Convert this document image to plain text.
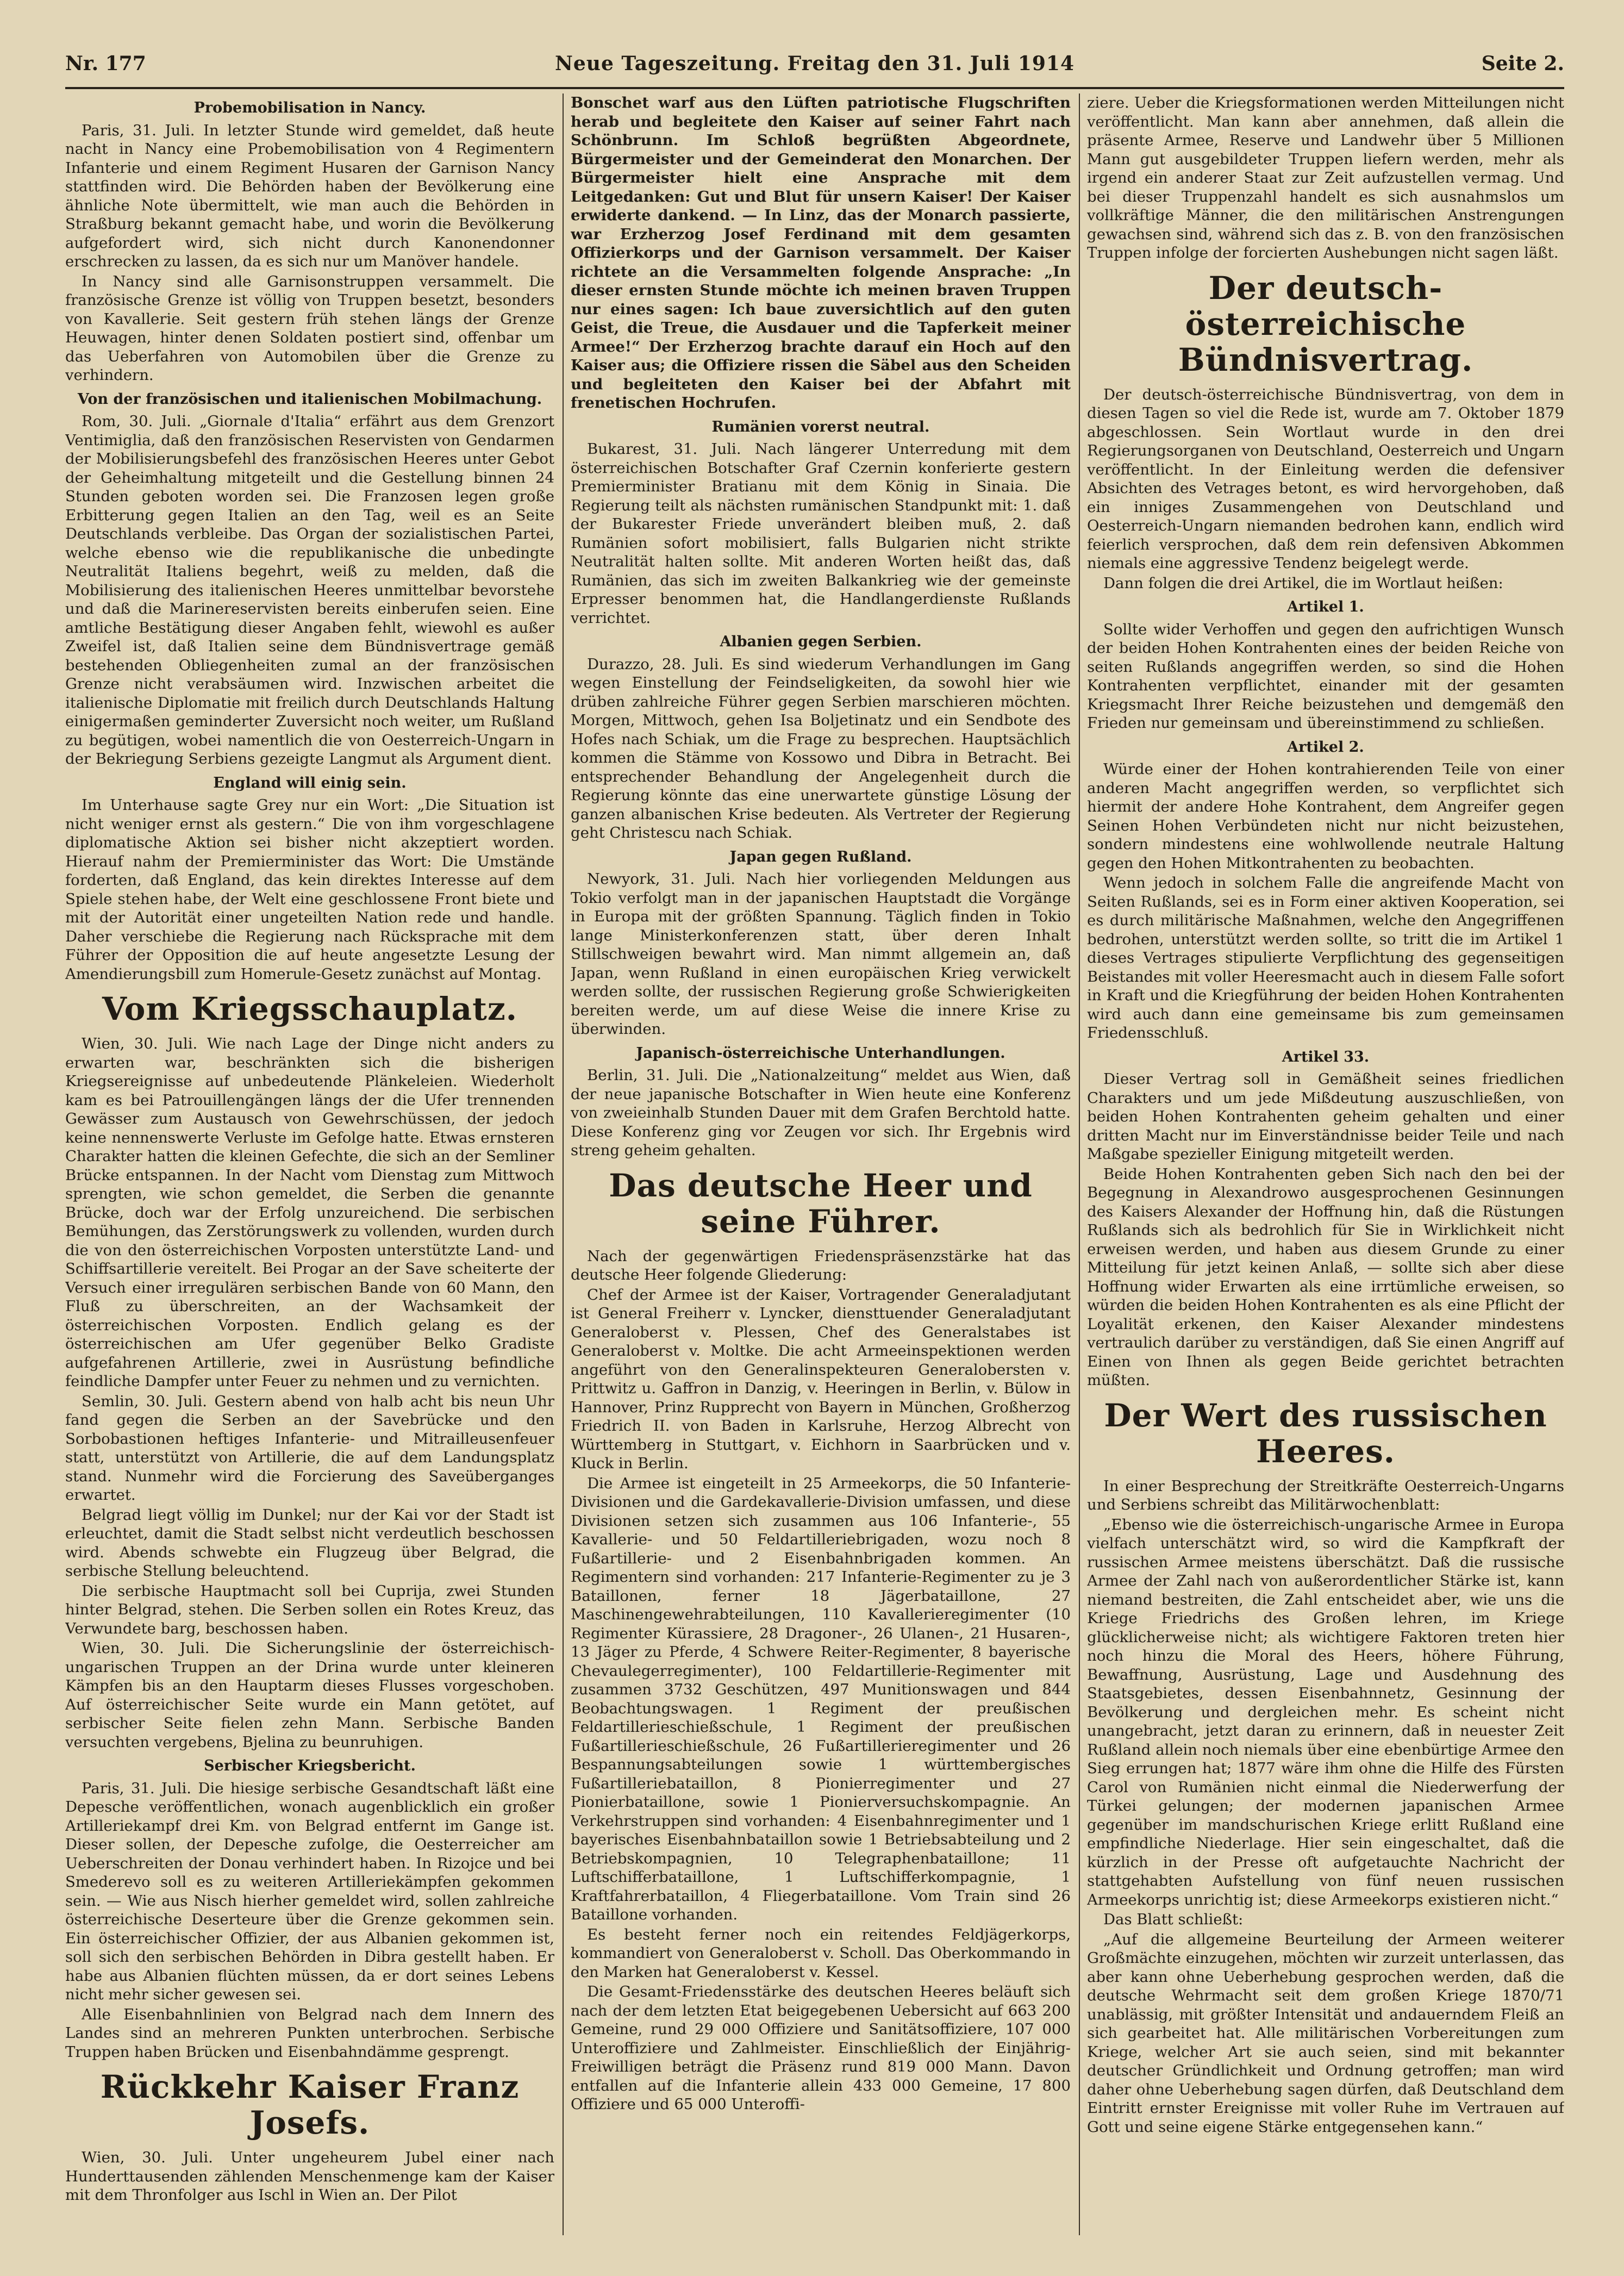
Nr. 177	Neue Tageszeitung. Freitag den 31. Juli 1914	Seite 2.
Probemobilisation in Nancy.

Paris, 31. Juli. In letzter Stunde wird gemeldet, daß heute nacht in Nancy eine Probemobilisation von 4 Regimentern Infanterie und einem Regiment Husaren der Garnison Nancy stattfinden wird. Die Behörden haben der Bevölkerung eine ähnliche Note übermittelt, wie man auch die Behörden in Straßburg bekannt gemacht habe, und worin die Bevölkerung aufgefordert wird, sich nicht durch Kanonendonner erschrecken zu lassen, da es sich nur um Manöver handele.

In Nancy sind alle Garnisonstruppen versammelt. Die französische Grenze ist völlig von Truppen besetzt, besonders von Kavallerie. Seit gestern früh stehen längs der Grenze Heuwagen, hinter denen Soldaten postiert sind, offenbar um das Ueberfahren von Automobilen über die Grenze zu verhindern.

Von der französischen und italienischen Mobilmachung.

Rom, 30. Juli. „Giornale d'Italia“ erfährt aus dem Grenzort Ventimiglia, daß den französischen Reservisten von Gendarmen der Mobilisierungsbefehl des französischen Heeres unter Gebot der Geheimhaltung mitgeteilt und die Gestellung binnen 24 Stunden geboten worden sei. Die Franzosen legen große Erbitterung gegen Italien an den Tag, weil es an Seite Deutschlands verbleibe. Das Organ der sozialistischen Partei, welche ebenso wie die republikanische die unbedingte Neutralität Italiens begehrt, weiß zu melden, daß die Mobilisierung des italienischen Heeres unmittelbar bevorstehe und daß die Marinereservisten bereits einberufen seien. Eine amtliche Bestätigung dieser Angaben fehlt, wiewohl es außer Zweifel ist, daß Italien seine dem Bündnisvertrage gemäß bestehenden Obliegenheiten zumal an der französischen Grenze nicht verabsäumen wird. Inzwischen arbeitet die italienische Diplomatie mit freilich durch Deutschlands Haltung einigermaßen geminderter Zuversicht noch weiter, um Rußland zu begütigen, wobei namentlich die von Oesterreich-Ungarn in der Bekriegung Serbiens gezeigte Langmut als Argument dient.

England will einig sein.

Im Unterhause sagte Grey nur ein Wort: „Die Situation ist nicht weniger ernst als gestern.“ Die von ihm vorgeschlagene diplomatische Aktion sei bisher nicht akzeptiert worden. Hierauf nahm der Premierminister das Wort: Die Umstände forderten, daß England, das kein direktes Interesse auf dem Spiele stehen habe, der Welt eine geschlossene Front biete und mit der Autorität einer ungeteilten Nation rede und handle. Daher verschiebe die Regierung nach Rücksprache mit dem Führer der Opposition die auf heute angesetzte Lesung der Amendierungsbill zum Homerule-Gesetz zunächst auf Montag.

Vom Kriegsschauplatz.

Wien, 30. Juli. Wie nach Lage der Dinge nicht anders zu erwarten war, beschränkten sich die bisherigen Kriegsereignisse auf unbedeutende Plänkeleien. Wiederholt kam es bei Patrouillengängen längs der die Ufer trennenden Gewässer zum Austausch von Gewehrschüssen, der jedoch keine nennenswerte Verluste im Gefolge hatte. Etwas ernsteren Charakter hatten die kleinen Gefechte, die sich an der Semliner Brücke entspannen. In der Nacht vom Dienstag zum Mittwoch sprengten, wie schon gemeldet, die Serben die genannte Brücke, doch war der Erfolg unzureichend. Die serbischen Bemühungen, das Zerstörungswerk zu vollenden, wurden durch die von den österreichischen Vorposten unterstützte Land- und Schiffsartillerie vereitelt. Bei Progar an der Save scheiterte der Versuch einer irregulären serbischen Bande von 60 Mann, den Fluß zu überschreiten, an der Wachsamkeit der österreichischen Vorposten. Endlich gelang es der österreichischen am Ufer gegenüber Belko Gradiste aufgefahrenen Artillerie, zwei in Ausrüstung befindliche feindliche Dampfer unter Feuer zu nehmen und zu vernichten.

Semlin, 30. Juli. Gestern abend von halb acht bis neun Uhr fand gegen die Serben an der Savebrücke und den Sorbobastionen heftiges Infanterie- und Mitrailleusenfeuer statt, unterstützt von Artillerie, die auf dem Landungsplatz stand. Nunmehr wird die Forcierung des Saveüberganges erwartet.

Belgrad liegt völlig im Dunkel; nur der Kai vor der Stadt ist erleuchtet, damit die Stadt selbst nicht verdeutlich beschossen wird. Abends schwebte ein Flugzeug über Belgrad, die serbische Stellung beleuchtend.

Die serbische Hauptmacht soll bei Cuprija, zwei Stunden hinter Belgrad, stehen. Die Serben sollen ein Rotes Kreuz, das Verwundete barg, beschossen haben.

Wien, 30. Juli. Die Sicherungslinie der österreichisch-ungarischen Truppen an der Drina wurde unter kleineren Kämpfen bis an den Hauptarm dieses Flusses vorgeschoben. Auf österreichischer Seite wurde ein Mann getötet, auf serbischer Seite fielen zehn Mann. Serbische Banden versuchten vergebens, Bjelina zu beunruhigen.

Serbischer Kriegsbericht.

Paris, 31. Juli. Die hiesige serbische Gesandtschaft läßt eine Depesche veröffentlichen, wonach augenblicklich ein großer Artilleriekampf drei Km. von Belgrad entfernt im Gange ist. Dieser sollen, der Depesche zufolge, die Oesterreicher am Ueberschreiten der Donau verhindert haben. In Rizojce und bei Smederevo soll es zu weiteren Artilleriekämpfen gekommen sein. — Wie aus Nisch hierher gemeldet wird, sollen zahlreiche österreichische Deserteure über die Grenze gekommen sein. Ein österreichischer Offizier, der aus Albanien gekommen ist, soll sich den serbischen Behörden in Dibra gestellt haben. Er habe aus Albanien flüchten müssen, da er dort seines Lebens nicht mehr sicher gewesen sei.

Alle Eisenbahnlinien von Belgrad nach dem Innern des Landes sind an mehreren Punkten unterbrochen. Serbische Truppen haben Brücken und Eisenbahndämme gesprengt.

Rückkehr Kaiser Franz Josefs.

Wien, 30. Juli. Unter ungeheurem Jubel einer nach Hunderttausenden zählenden Menschenmenge kam der Kaiser mit dem Thronfolger aus Ischl in Wien an. Der Pilot

Bonschet warf aus den Lüften patriotische Flugschriften herab und begleitete den Kaiser auf seiner Fahrt nach Schönbrunn. Im Schloß begrüßten Abgeordnete, Bürgermeister und der Gemeinderat den Monarchen. Der Bürgermeister hielt eine Ansprache mit dem Leitgedanken: Gut und Blut für unsern Kaiser! Der Kaiser erwiderte dankend. — In Linz, das der Monarch passierte, war Erzherzog Josef Ferdinand mit dem gesamten Offizierkorps und der Garnison versammelt. Der Kaiser richtete an die Versammelten folgende Ansprache: „In dieser ernsten Stunde möchte ich meinen braven Truppen nur eines sagen: Ich baue zuversichtlich auf den guten Geist, die Treue, die Ausdauer und die Tapferkeit meiner Armee!“ Der Erzherzog brachte darauf ein Hoch auf den Kaiser aus; die Offiziere rissen die Säbel aus den Scheiden und begleiteten den Kaiser bei der Abfahrt mit frenetischen Hochrufen.

Rumänien vorerst neutral.

Bukarest, 31. Juli. Nach längerer Unterredung mit dem österreichischen Botschafter Graf Czernin konferierte gestern Premierminister Bratianu mit dem König in Sinaia. Die Regierung teilt als nächsten rumänischen Standpunkt mit: 1. daß der Bukarester Friede unverändert bleiben muß, 2. daß Rumänien sofort mobilisiert, falls Bulgarien nicht strikte Neutralität halten sollte. Mit anderen Worten heißt das, daß Rumänien, das sich im zweiten Balkankrieg wie der gemeinste Erpresser benommen hat, die Handlangerdienste Rußlands verrichtet.

Albanien gegen Serbien.

Durazzo, 28. Juli. Es sind wiederum Verhandlungen im Gang wegen Einstellung der Feindseligkeiten, da sowohl hier wie drüben zahlreiche Führer gegen Serbien marschieren möchten. Morgen, Mittwoch, gehen Isa Boljetinatz und ein Sendbote des Hofes nach Schiak, um die Frage zu besprechen. Hauptsächlich kommen die Stämme von Kossowo und Dibra in Betracht. Bei entsprechender Behandlung der Angelegenheit durch die Regierung könnte das eine unerwartete günstige Lösung der ganzen albanischen Krise bedeuten. Als Vertreter der Regierung geht Christescu nach Schiak.

Japan gegen Rußland.

Newyork, 31. Juli. Nach hier vorliegenden Meldungen aus Tokio verfolgt man in der japanischen Hauptstadt die Vorgänge in Europa mit der größten Spannung. Täglich finden in Tokio lange Ministerkonferenzen statt, über deren Inhalt Stillschweigen bewahrt wird. Man nimmt allgemein an, daß Japan, wenn Rußland in einen europäischen Krieg verwickelt werden sollte, der russischen Regierung große Schwierigkeiten bereiten werde, um auf diese Weise die innere Krise zu überwinden.

Japanisch-österreichische Unterhandlungen.

Berlin, 31. Juli. Die „Nationalzeitung“ meldet aus Wien, daß der neue japanische Botschafter in Wien heute eine Konferenz von zweieinhalb Stunden Dauer mit dem Grafen Berchtold hatte. Diese Konferenz ging vor Zeugen vor sich. Ihr Ergebnis wird streng geheim gehalten.

Das deutsche Heer und seine Führer.

Nach der gegenwärtigen Friedenspräsenzstärke hat das deutsche Heer folgende Gliederung:

Chef der Armee ist der Kaiser, Vortragender Generaladjutant ist General Freiherr v. Lyncker, diensttuender Generaladjutant Generaloberst v. Plessen, Chef des Generalstabes ist Generaloberst v. Moltke. Die acht Armeeinspektionen werden angeführt von den Generalinspekteuren Generalobersten v. Prittwitz u. Gaffron in Danzig, v. Heeringen in Berlin, v. Bülow in Hannover, Prinz Rupprecht von Bayern in München, Großherzog Friedrich II. von Baden in Karlsruhe, Herzog Albrecht von Württemberg in Stuttgart, v. Eichhorn in Saarbrücken und v. Kluck in Berlin.

Die Armee ist eingeteilt in 25 Armeekorps, die 50 Infanterie-Divisionen und die Gardekavallerie-Division umfassen, und diese Divisionen setzen sich zusammen aus 106 Infanterie-, 55 Kavallerie- und 50 Feldartilleriebrigaden, wozu noch 8 Fußartillerie- und 2 Eisenbahnbrigaden kommen. An Regimentern sind vorhanden: 217 Infanterie-Regimenter zu je 3 Bataillonen, ferner 18 Jägerbataillone, 27 Maschinengewehrabteilungen, 110 Kavallerieregimenter (10 Regimenter Kürassiere, 28 Dragoner-, 26 Ulanen-, 21 Husaren-, 13 Jäger zu Pferde, 4 Schwere Reiter-Regimenter, 8 bayerische Chevaulegerregimenter), 100 Feldartillerie-Regimenter mit zusammen 3732 Geschützen, 497 Munitionswagen und 844 Beobachtungswagen. 1 Regiment der preußischen Feldartillerieschießschule, 1 Regiment der preußischen Fußartillerieschießschule, 26 Fußartillerieregimenter und 26 Bespannungsabteilungen sowie 1 württembergisches Fußartilleriebataillon, 8 Pionierregimenter und 27 Pionierbataillone, sowie 1 Pionierversuchskompagnie. An Verkehrstruppen sind vorhanden: 4 Eisenbahnregimenter und 1 bayerisches Eisenbahnbataillon sowie 1 Betriebsabteilung und 2 Betriebskompagnien, 10 Telegraphenbataillone; 11 Luftschifferbataillone, 1 Luftschifferkompagnie, 1 Kraftfahrerbataillon, 4 Fliegerbataillone. Vom Train sind 26 Bataillone vorhanden.

Es besteht ferner noch ein reitendes Feldjägerkorps, kommandiert von Generaloberst v. Scholl. Das Oberkommando in den Marken hat Generaloberst v. Kessel.

Die Gesamt-Friedensstärke des deutschen Heeres beläuft sich nach der dem letzten Etat beigegebenen Uebersicht auf 663 200 Gemeine, rund 29 000 Offiziere und Sanitätsoffiziere, 107 000 Unteroffiziere und Zahlmeister. Einschließlich der Einjährig-Freiwilligen beträgt die Präsenz rund 819 000 Mann. Davon entfallen auf die Infanterie allein 433 000 Gemeine, 17 800 Offiziere und 65 000 Unteroffi-

ziere. Ueber die Kriegsformationen werden Mitteilungen nicht veröffentlicht. Man kann aber annehmen, daß allein die präsente Armee, Reserve und Landwehr über 5 Millionen Mann gut ausgebildeter Truppen liefern werden, mehr als irgend ein anderer Staat zur Zeit aufzustellen vermag. Und bei dieser Truppenzahl handelt es sich ausnahmslos um vollkräftige Männer, die den militärischen Anstrengungen gewachsen sind, während sich das z. B. von den französischen Truppen infolge der forcierten Aushebungen nicht sagen läßt.

Der deutsch-österreichische Bündnisvertrag.

Der deutsch-österreichische Bündnisvertrag, von dem in diesen Tagen so viel die Rede ist, wurde am 7. Oktober 1879 abgeschlossen. Sein Wortlaut wurde in den drei Regierungsorganen von Deutschland, Oesterreich und Ungarn veröffentlicht. In der Einleitung werden die defensiver Absichten des Vetrages betont, es wird hervorgehoben, daß ein inniges Zusammengehen von Deutschland und Oesterreich-Ungarn niemanden bedrohen kann, endlich wird feierlich versprochen, daß dem rein defensiven Abkommen niemals eine aggressive Tendenz beigelegt werde.

Dann folgen die drei Artikel, die im Wortlaut heißen:

Artikel 1.

Sollte wider Verhoffen und gegen den aufrichtigen Wunsch der beiden Hohen Kontrahenten eines der beiden Reiche von seiten Rußlands angegriffen werden, so sind die Hohen Kontrahenten verpflichtet, einander mit der gesamten Kriegsmacht Ihrer Reiche beizustehen und demgemäß den Frieden nur gemeinsam und übereinstimmend zu schließen.

Artikel 2.

Würde einer der Hohen kontrahierenden Teile von einer anderen Macht angegriffen werden, so verpflichtet sich hiermit der andere Hohe Kontrahent, dem Angreifer gegen Seinen Hohen Verbündeten nicht nur nicht beizustehen, sondern mindestens eine wohlwollende neutrale Haltung gegen den Hohen Mitkontrahenten zu beobachten.

Wenn jedoch in solchem Falle die angreifende Macht von Seiten Rußlands, sei es in Form einer aktiven Kooperation, sei es durch militärische Maßnahmen, welche den Angegriffenen bedrohen, unterstützt werden sollte, so tritt die im Artikel 1 dieses Vertrages stipulierte Verpflichtung des gegenseitigen Beistandes mit voller Heeresmacht auch in diesem Falle sofort in Kraft und die Kriegführung der beiden Hohen Kontrahenten wird auch dann eine gemeinsame bis zum gemeinsamen Friedensschluß.

Artikel 33.

Dieser Vertrag soll in Gemäßheit seines friedlichen Charakters und um jede Mißdeutung auszuschließen, von beiden Hohen Kontrahenten geheim gehalten und einer dritten Macht nur im Einverständnisse beider Teile und nach Maßgabe spezieller Einigung mitgeteilt werden.

Beide Hohen Kontrahenten geben Sich nach den bei der Begegnung in Alexandrowo ausgesprochenen Gesinnungen des Kaisers Alexander der Hoffnung hin, daß die Rüstungen Rußlands sich als bedrohlich für Sie in Wirklichkeit nicht erweisen werden, und haben aus diesem Grunde zu einer Mitteilung für jetzt keinen Anlaß, — sollte sich aber diese Hoffnung wider Erwarten als eine irrtümliche erweisen, so würden die beiden Hohen Kontrahenten es als eine Pflicht der Loyalität erkenen, den Kaiser Alexander mindestens vertraulich darüber zu verständigen, daß Sie einen Angriff auf Einen von Ihnen als gegen Beide gerichtet betrachten müßten.

Der Wert des russischen Heeres.

In einer Besprechung der Streitkräfte Oesterreich-Ungarns und Serbiens schreibt das Militärwochenblatt:

„Ebenso wie die österreichisch-ungarische Armee in Europa vielfach unterschätzt wird, so wird die Kampfkraft der russischen Armee meistens überschätzt. Daß die russische Armee der Zahl nach von außerordentlicher Stärke ist, kann niemand bestreiten, die Zahl entscheidet aber, wie uns die Kriege Friedrichs des Großen lehren, im Kriege glücklicherweise nicht; als wichtigere Faktoren treten hier noch hinzu die Moral des Heers, höhere Führung, Bewaffnung, Ausrüstung, Lage und Ausdehnung des Staatsgebietes, dessen Eisenbahnnetz, Gesinnung der Bevölkerung und dergleichen mehr. Es scheint nicht unangebracht, jetzt daran zu erinnern, daß in neuester Zeit Rußland allein noch niemals über eine ebenbürtige Armee den Sieg errungen hat; 1877 wäre ihm ohne die Hilfe des Fürsten Carol von Rumänien nicht einmal die Niederwerfung der Türkei gelungen; der modernen japanischen Armee gegenüber im mandschurischen Kriege erlitt Rußland eine empfindliche Niederlage. Hier sein eingeschaltet, daß die kürzlich in der Presse oft aufgetauchte Nachricht der stattgehabten Aufstellung von fünf neuen russischen Armeekorps unrichtig ist; diese Armeekorps existieren nicht.“

Das Blatt schließt:

„Auf die allgemeine Beurteilung der Armeen weiterer Großmächte einzugehen, möchten wir zurzeit unterlassen, das aber kann ohne Ueberhebung gesprochen werden, daß die deutsche Wehrmacht seit dem großen Kriege 1870/71 unablässig, mit größter Intensität und andauerndem Fleiß an sich gearbeitet hat. Alle militärischen Vorbereitungen zum Kriege, welcher Art sie auch seien, sind mit bekannter deutscher Gründlichkeit und Ordnung getroffen; man wird daher ohne Ueberhebung sagen dürfen, daß Deutschland dem Eintritt ernster Ereignisse mit voller Ruhe im Vertrauen auf Gott und seine eigene Stärke entgegensehen kann.“
